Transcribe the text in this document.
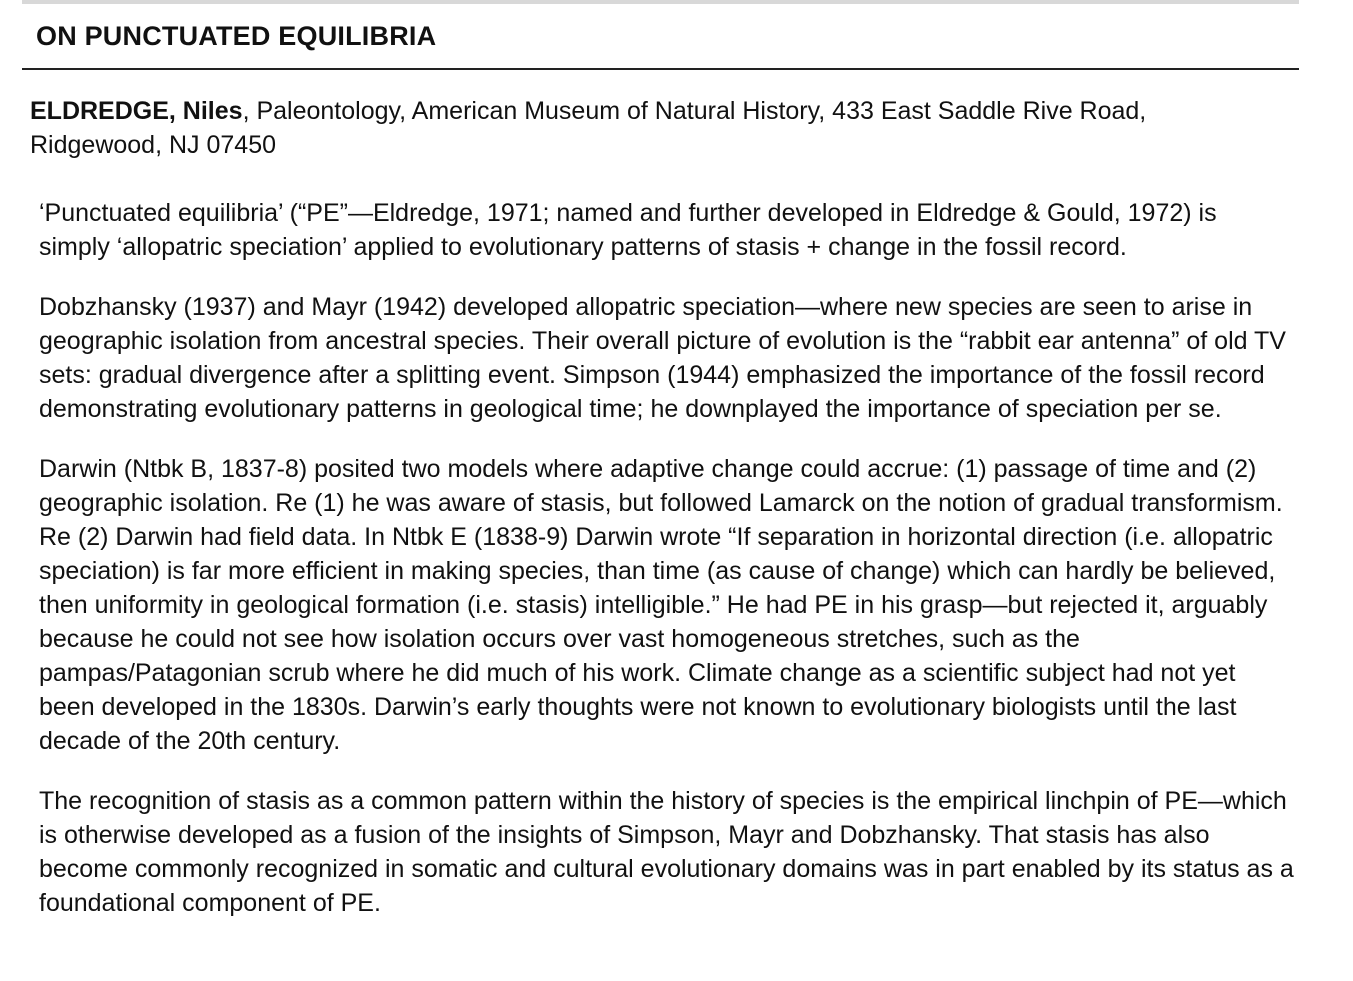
ON PUNCTUATED EQUILIBRIA

ELDREDGE, Niles, Paleontology, American Museum of Natural History, 433 East Saddle Rive Road, Ridgewood, NJ 07450

‘Punctuated equilibria’ (“PE”—Eldredge, 1971; named and further developed in Eldredge & Gould, 1972) is simply ‘allopatric speciation’ applied to evolutionary patterns of stasis + change in the fossil record.

Dobzhansky (1937) and Mayr (1942) developed allopatric speciation—where new species are seen to arise in geographic isolation from ancestral species. Their overall picture of evolution is the “rabbit ear antenna” of old TV sets: gradual divergence after a splitting event. Simpson (1944) emphasized the importance of the fossil record demonstrating evolutionary patterns in geological time; he downplayed the importance of speciation per se.

Darwin (Ntbk B, 1837-8) posited two models where adaptive change could accrue: (1) passage of time and (2) geographic isolation. Re (1) he was aware of stasis, but followed Lamarck on the notion of gradual transformism. Re (2) Darwin had field data. In Ntbk E (1838-9) Darwin wrote “If separation in horizontal direction (i.e. allopatric speciation) is far more efficient in making species, than time (as cause of change) which can hardly be believed, then uniformity in geological formation (i.e. stasis) intelligible.” He had PE in his grasp—but rejected it, arguably because he could not see how isolation occurs over vast homogeneous stretches, such as the pampas/Patagonian scrub where he did much of his work. Climate change as a scientific subject had not yet been developed in the 1830s. Darwin’s early thoughts were not known to evolutionary biologists until the last decade of the 20th century.

The recognition of stasis as a common pattern within the history of species is the empirical linchpin of PE—which is otherwise developed as a fusion of the insights of Simpson, Mayr and Dobzhansky. That stasis has also become commonly recognized in somatic and cultural evolutionary domains was in part enabled by its status as a foundational component of PE.
